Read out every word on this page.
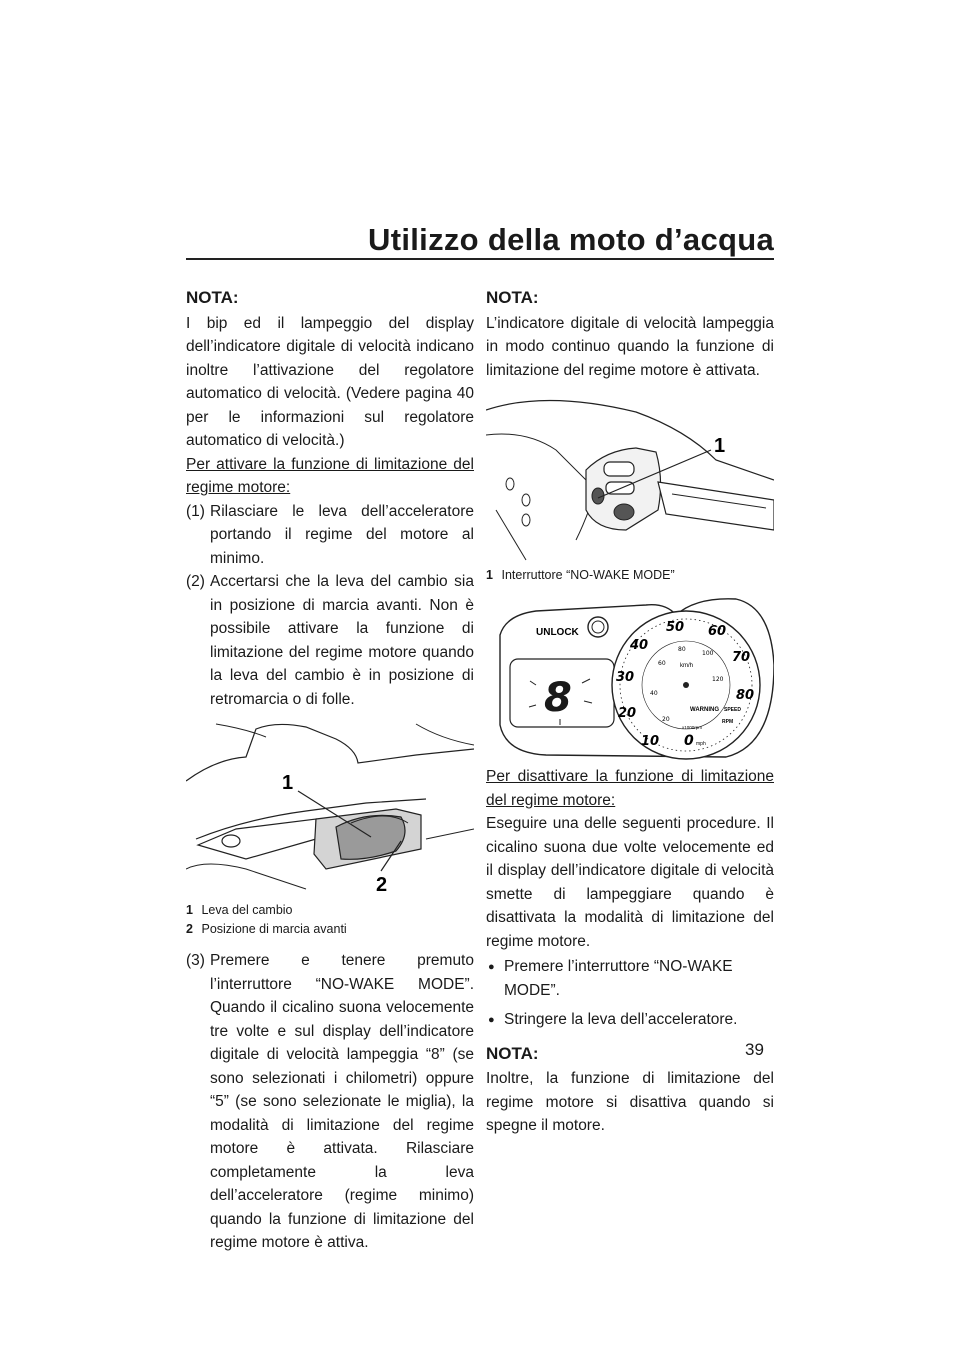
Utilizzo della moto d’acqua
NOTA:

I bip ed il lampeggio del display dell’indicatore digitale di velocità indicano inoltre l’attivazione del regolatore automatico di velocità. (Vedere pagina 40 per le informazioni sul regolatore automatico di velocità.)

Per attivare la funzione di limitazione del regime motore:

(1) Rilasciare le leva dell’acceleratore portando il regime del motore al minimo.
(2) Accertarsi che la leva del cambio sia in posizione di marcia avanti. Non è possibile attivare la funzione di limitazione del regime motore quando la leva del cambio è in posizione di retromarcia o di folle.
1
2
1 Leva del cambio
2 Posizione di marcia avanti
(3) Premere e tenere premuto l’interruttore “NO-WAKE MODE”. Quando il cicalino suona velocemente tre volte e sul display dell’indicatore digitale di velocità lampeggia “8” (se sono selezionati i chilometri) oppure “5” (se sono selezionate le miglia), la modalità di limitazione del regime motore è attivata. Rilasciare completamente la leva dell’acceleratore (regime minimo) quando la funzione di limitazione del regime motore è attiva.
NOTA:

L’indicatore digitale di velocità lampeggia in modo continuo quando la funzione di limitazione del regime motore è attivata.

1
1 Interruttore “NO-WAKE MODE”
UNLOCK
8
10
20
30
40
50 60
70
80
20
40
60
80
100
120
km/h
WARNING SPEED
RPM
x1000rpm
0 mph

Per disattivare la funzione di limitazione del regime motore:

Eseguire una delle seguenti procedure. Il cicalino suona due volte velocemente ed il display dell’indicatore digitale di velocità smette di lampeggiare quando è disattivata la modalità di limitazione del regime motore.

● Premere l’interruttore “NO-WAKE MODE”.
● Stringere la leva dell’acceleratore.
NOTA:

Inoltre, la funzione di limitazione del regime motore si disattiva quando si spegne il motore.

39
